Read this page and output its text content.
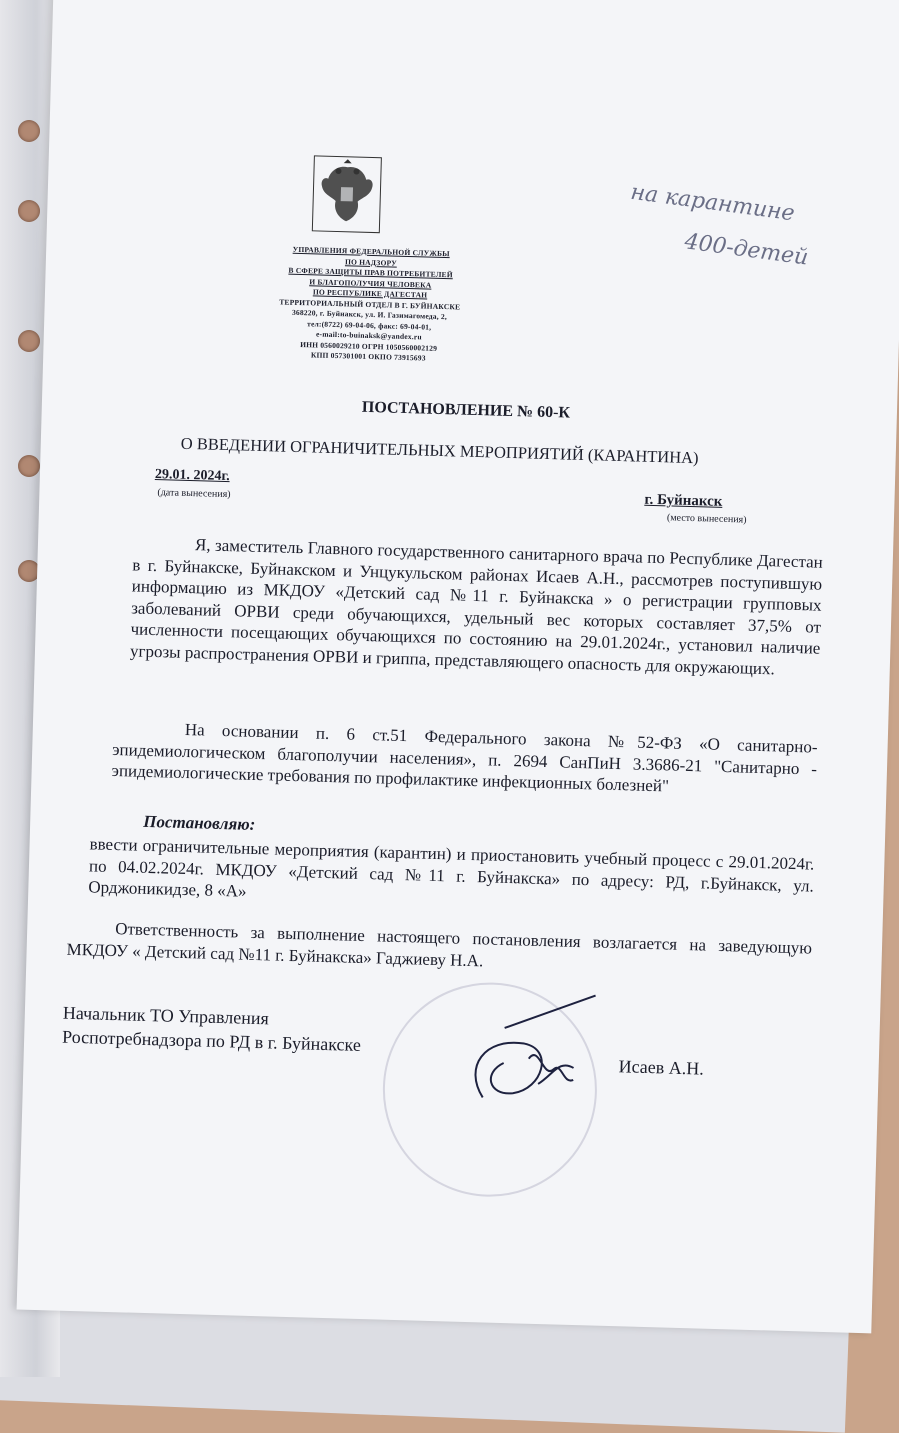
УПРАВЛЕНИЯ ФЕДЕРАЛЬНОЙ СЛУЖБЫ
ПО НАДЗОРУ
В СФЕРЕ ЗАЩИТЫ ПРАВ ПОТРЕБИТЕЛЕЙ
И БЛАГОПОЛУЧИЯ ЧЕЛОВЕКА
ПО РЕСПУБЛИКЕ ДАГЕСТАН
ТЕРРИТОРИАЛЬНЫЙ ОТДЕЛ В Г. БУЙНАКСКЕ
368220, г. Буйнакск, ул. И. Газимагомеда, 2,
тел:(8722) 69-04-06, факс: 69-04-01,
e-mail:to-buinaksk@yandex.ru
ИНН 0560029210 ОГРН 1050560002129
КПП 057301001 ОКПО 73915693
на карантине
400-детей
ПОСТАНОВЛЕНИЕ № 60-К
О ВВЕДЕНИИ ОГРАНИЧИТЕЛЬНЫХ МЕРОПРИЯТИЙ (КАРАНТИНА)
29.01. 2024г.
(дата вынесения)	г. Буйнакск
(место вынесения)
Я, заместитель Главного государственного санитарного врача по Республике Дагестан в г. Буйнакске, Буйнакском и Унцукульском районах Исаев А.Н., рассмотрев поступившую информацию из МКДОУ «Детский сад №11 г. Буйнакска » о регистрации групповых заболеваний ОРВИ среди обучающихся, удельный вес которых составляет 37,5% от численности посещающих обучающихся по состоянию на 29.01.2024г., установил наличие угрозы распространения ОРВИ и гриппа, представляющего опасность для окружающих.
На основании п. 6 ст.51 Федерального закона №52-ФЗ «О санитарно-эпидемиологическом благополучии населения», п. 2694 СанПиН 3.3686-21 "Санитарно - эпидемиологические требования по профилактике инфекционных болезней"
Постановляю:
ввести ограничительные мероприятия (карантин) и приостановить учебный процесс с 29.01.2024г. по 04.02.2024г. МКДОУ «Детский сад №11 г. Буйнакска» по адресу: РД, г.Буйнакск, ул. Орджоникидзе, 8 «А»
Ответственность за выполнение настоящего постановления возлагается на заведующую МКДОУ « Детский сад №11 г. Буйнакска» Гаджиеву Н.А.
Начальник ТО Управления
Роспотребнадзора по РД в г. Буйнакске
Исаев А.Н.
